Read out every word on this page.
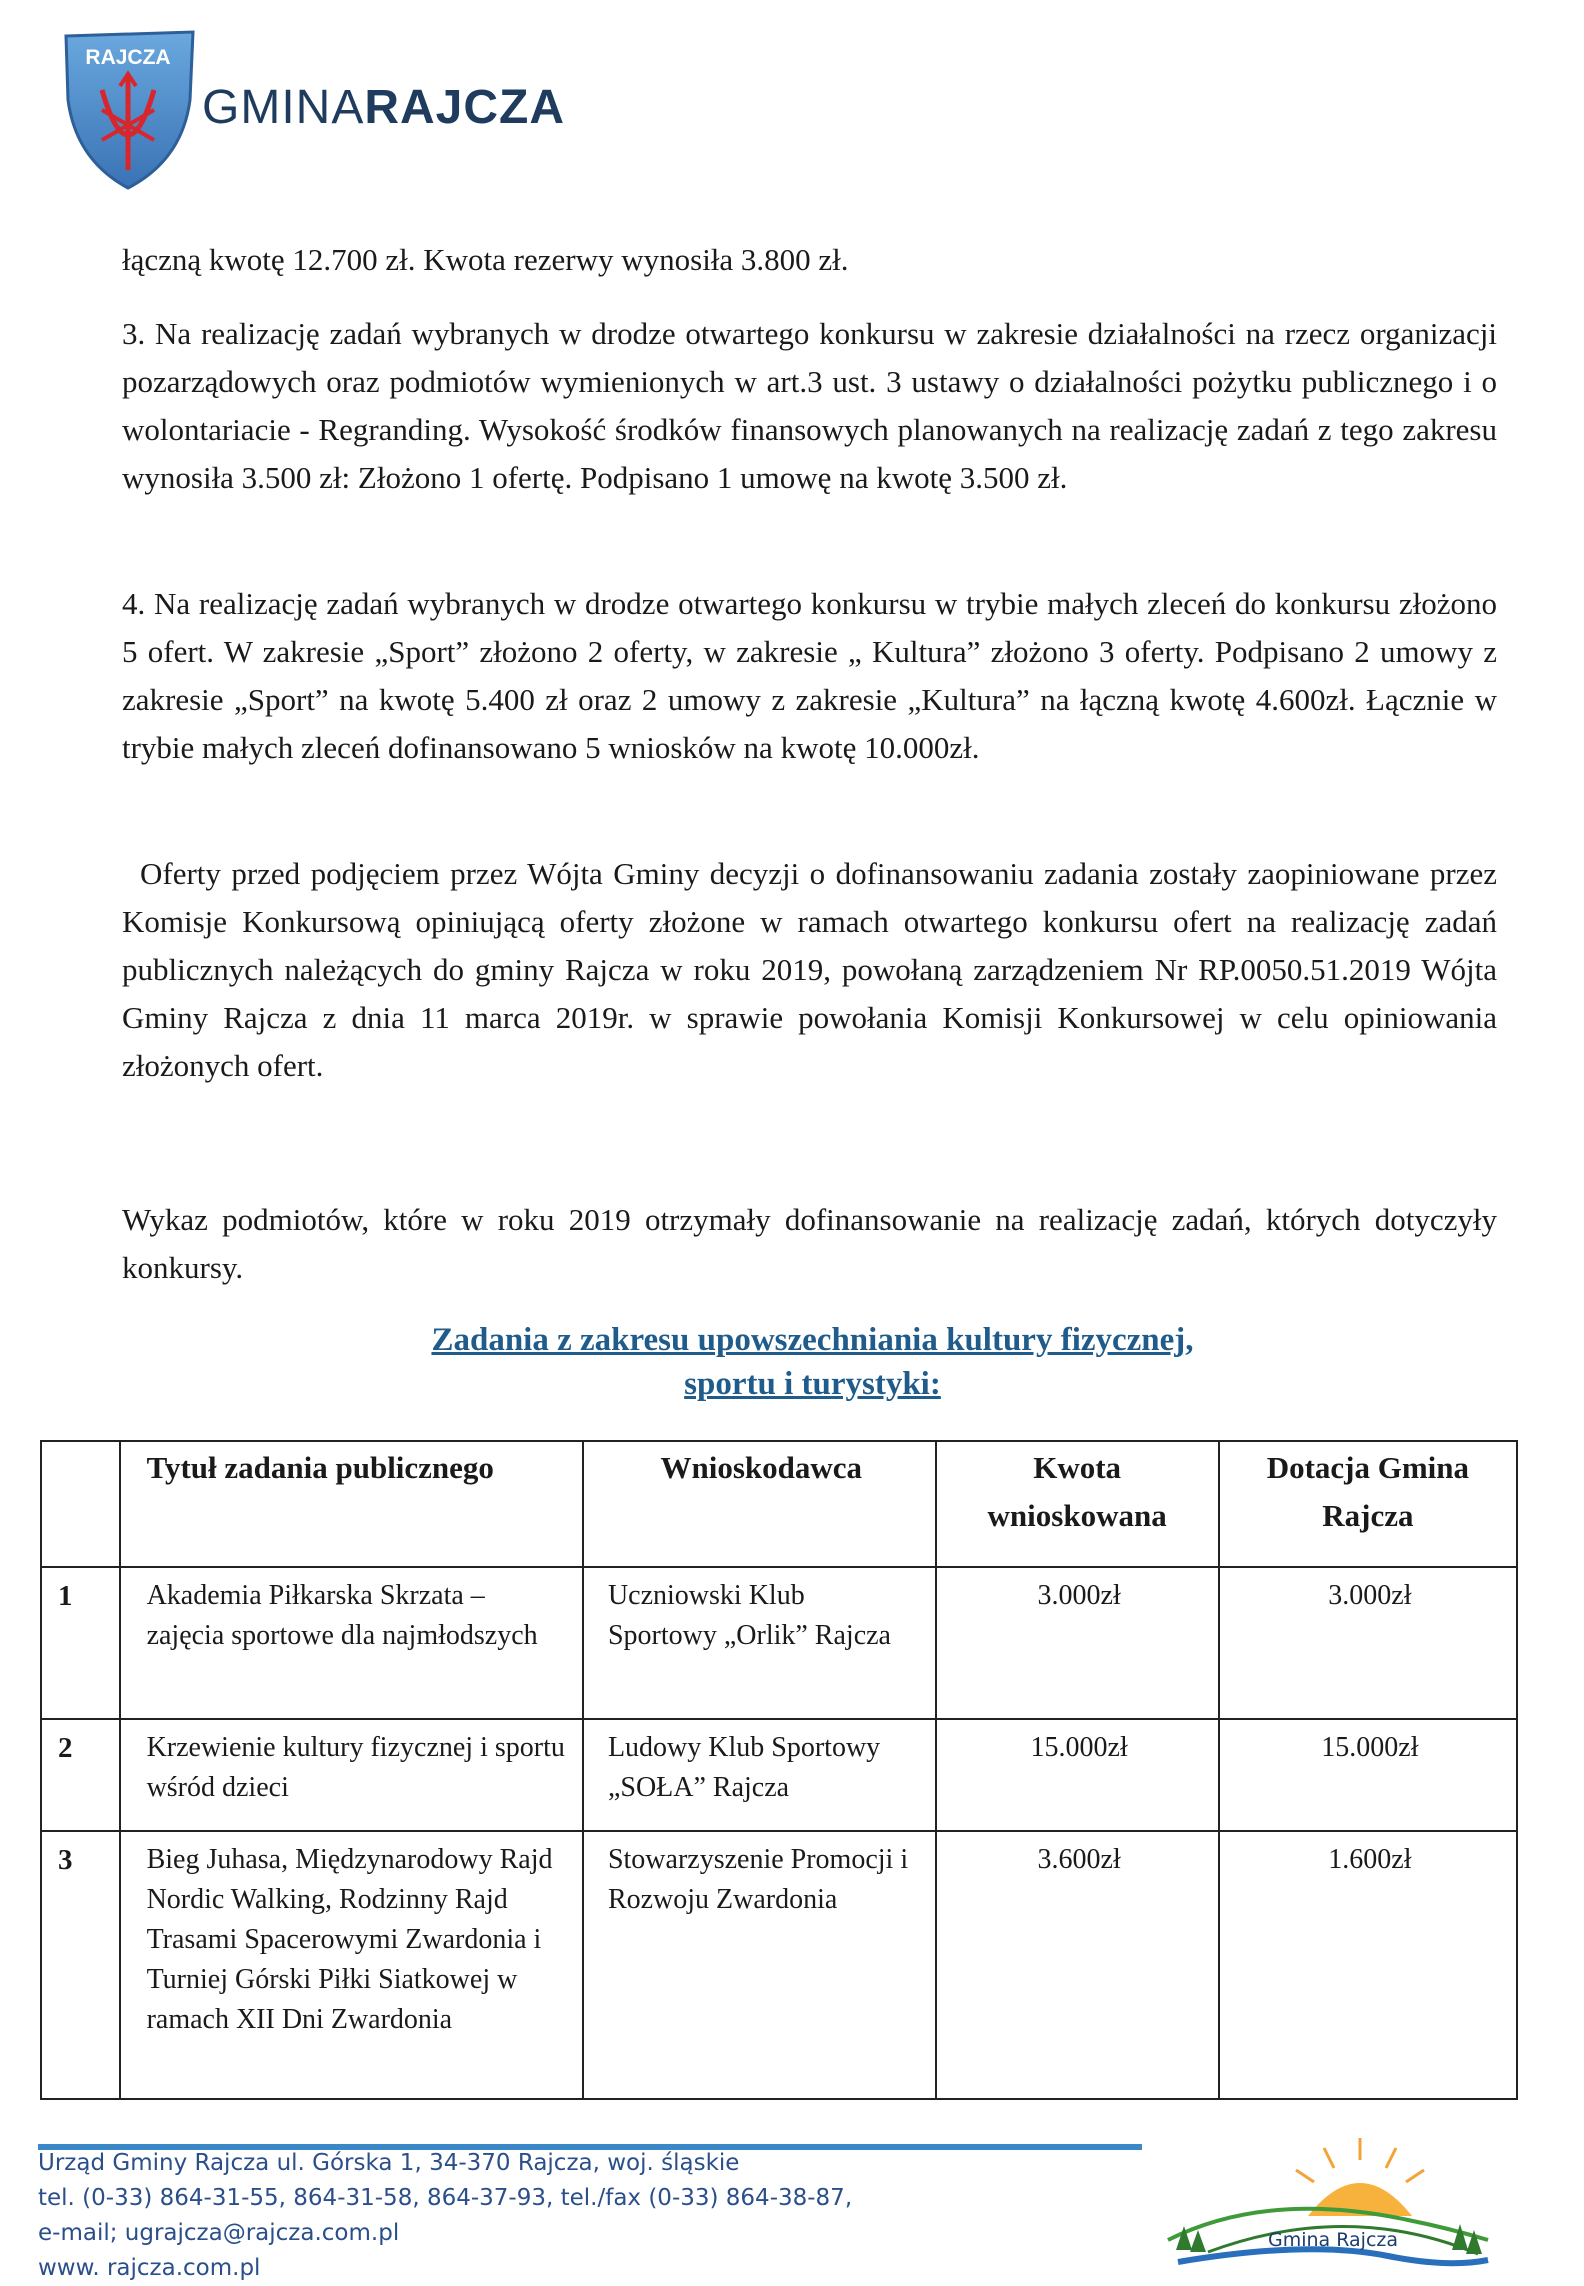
RAJCZA
GMINARAJCZA

łączną kwotę 12.700 zł. Kwota rezerwy wynosiła 3.800 zł.

3. Na realizację zadań wybranych w drodze otwartego konkursu w zakresie działalności na rzecz organizacji pozarządowych oraz podmiotów wymienionych w art.3 ust. 3 ustawy o działalności pożytku publicznego i o wolontariacie - Regranding. Wysokość środków finansowych planowanych na realizację zadań z tego zakresu wynosiła 3.500 zł: Złożono 1 ofertę. Podpisano 1 umowę na kwotę 3.500 zł.

4. Na realizację zadań wybranych w drodze otwartego konkursu w trybie małych zleceń do konkursu złożono 5 ofert. W zakresie „Sport” złożono 2 oferty, w zakresie „ Kultura” złożono 3 oferty. Podpisano 2 umowy z zakresie „Sport” na kwotę 5.400 zł oraz 2 umowy z zakresie „Kultura” na łączną kwotę 4.600zł. Łącznie w trybie małych zleceń dofinansowano 5 wniosków na kwotę 10.000zł.

Oferty przed podjęciem przez Wójta Gminy decyzji o dofinansowaniu zadania zostały zaopiniowane przez Komisje Konkursową opiniującą oferty złożone w ramach otwartego konkursu ofert na realizację zadań publicznych należących do gminy Rajcza w roku 2019, powołaną zarządzeniem Nr RP.0050.51.2019 Wójta Gminy Rajcza z dnia 11 marca 2019r. w sprawie powołania Komisji Konkursowej w celu opiniowania złożonych ofert.

Wykaz podmiotów, które w roku 2019 otrzymały dofinansowanie na realizację zadań, których dotyczyły konkursy.

Zadania z zakresu upowszechniania kultury fizycznej,
sportu i turystyki:
	Tytuł zadania publicznego	Wnioskodawca	Kwota wnioskowana	Dotacja Gmina Rajcza
1	Akademia Piłkarska Skrzata – zajęcia sportowe dla najmłodszych	Uczniowski Klub Sportowy „Orlik” Rajcza	3.000zł	3.000zł
2	Krzewienie kultury fizycznej i sportu wśród dzieci	Ludowy Klub Sportowy „SOŁA” Rajcza	15.000zł	15.000zł
3	Bieg Juhasa, Międzynarodowy Rajd Nordic Walking, Rodzinny Rajd Trasami Spacerowymi Zwardonia i Turniej Górski Piłki Siatkowej w ramach XII Dni Zwardonia	Stowarzyszenie Promocji i Rozwoju Zwardonia	3.600zł	1.600zł
Urząd Gminy Rajcza ul. Górska 1, 34-370 Rajcza, woj. śląskie
tel. (0-33) 864-31-55, 864-31-58, 864-37-93, tel./fax (0-33) 864-38-87,
e-mail; ugrajcza@rajcza.com.pl
www. rajcza.com.pl
Gmina Rajcza
